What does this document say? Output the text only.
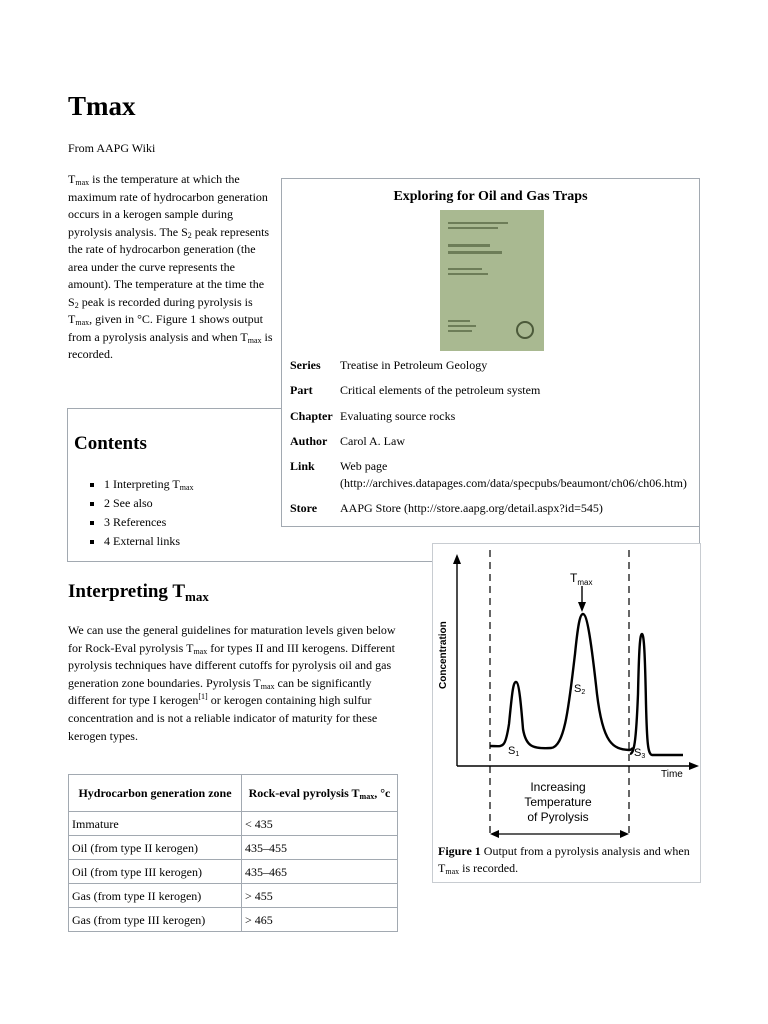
Tmax
From AAPG Wiki
$T_{max}$ is the temperature at which the maximum rate of hydrocarbon generation occurs in a kerogen sample during pyrolysis analysis. The $S_2$ peak represents the rate of hydrocarbon generation (the area under the curve represents the amount). The temperature at the time the $S_2$ peak is recorded during pyrolysis is $T_{max}$, given in °C. Figure 1 shows output from a pyrolysis analysis and when $T_{max}$ is recorded.
Contents
▪ 1 Interpreting $T_{max}$
▪ 2 See also
▪ 3 References
▪ 4 External links
Exploring for Oil and Gas Traps
Series	Treatise in Petroleum Geology
Part	Critical elements of the petroleum system
Chapter Evaluating source rocks
Author	Carol A. Law
Link	Web page (http://archives.datapages.com/data/specpubs/beaumont/ch06/ch06.htm)
Store	AAPG Store (http://store.aapg.org/detail.aspx?id=545)
Interpreting $T_{max}$
We can use the general guidelines for maturation levels given below for Rock-Eval pyrolysis $T_{max}$ for types II and III kerogens. Different pyrolysis techniques have different cutoffs for pyrolysis oil and gas generation zone boundaries. Pyrolysis $T_{max}$ can be significantly different for type I kerogen[1] or kerogen containing high sulfur concentration and is not a reliable indicator of maturity for these kerogen types.
Hydrocarbon generation zone	Rock-eval pyrolysis $T_{max}$, °c
Immature	< 435
Oil (from type II kerogen)	435–455
Oil (from type III kerogen)	435–465
Gas (from type II kerogen)	> 455
Gas (from type III kerogen)	> 465
$T_{max}$
Concentration	S2
S1	S3
Time
Increasing
Temperature
of Pyrolysis
Figure 1 Output from a pyrolysis analysis and when $T_{max}$ is recorded.
